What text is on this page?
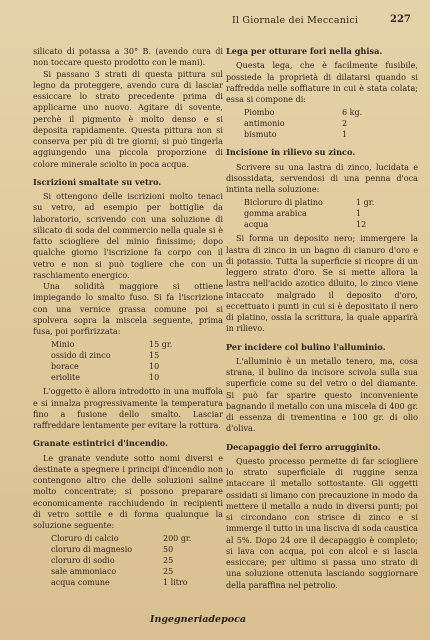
Il Giornale dei Meccanici	227

silicato di potassa a 30° B. (avendo cura di non toccare questo prodotto con le mani).

Si passano 3 strati di questa pittura sul legno da proteggere, avendo cura di lasciar essiccare lo strato precedente prima di applicarne uno nuovo. Agitare di sovente, perchè il pigmento è molto denso e si deposita rapidamente. Questa pittura non si conserva per più di tre giorni; si può tingerla aggiungendo una piccola proporzione di colore minerale sciolto in poca acqua.

Iscrizioni smaltate su vetro.

Si ottengono delle iscrizioni molto tenaci su vetro, ad esempio per bottiglie da laboratorio, scrivendo con una soluzione di silicato di soda del commercio nella quale si è fatto sciogliere del minio finissimo; dopo qualche giorno l'iscrizione fa corpo con il vetro e non si può togliere che con un raschiamento energico.

Una solidità maggiore si ottiene impiegando lo smalto fuso. Si fa l'iscrizione con una vernice grassa comune poi si spolvera sopra la miscela seguente, prima fusa, poi porfirizzata:

Minio	15 gr.
ossido di zinco	15
borace	10
eriolite	10

L'oggetto è allora introdotto in una muffola e si innalza progressivamente la temperatura fino a fusione dello smalto. Lasciar raffreddare lentamente per evitare la rottura.

Granate estintrici d'incendio.

Le granate vendute sotto nomi diversi e destinate a spegnere i principi d'incendio non contengono altro che delle soluzioni saline molto concentrate; si possono preparare economicamente racchiudendo in recipienti di vetro sottile e di forma qualunque la soluzione seguente:

Cloruro di calcio	200 gr.
cloruro di magnesio	50
cloruro di sodio	25
sale ammoniaco	25
acqua comune	1 litro
Lega per otturare fori nella ghisa.

Questa lega, che è facilmente fusibile, possiede la proprietà di dilatarsi quando si raffredda nelle soffiature in cui è stata colata; essa si compone di:

Piombo	6 kg.
antimonio	2
bismuto	1
Incisione in rilievo su zinco.

Scrivere su una lastra di zinco, lucidata e disossidata, servendosi di una penna d'oca intinta nella soluzione:

Bicloruro di platino	1 gr.
gomma arabica	1
acqua	12

Si forma un deposito nero; immergere la lastra di zinco in un bagno di cianuro d'oro e di potassio. Tutta la superficie si ricopre di un leggero strato d'oro. Se si mette allora la lastra nell'acido azotico diluito, lo zinco viene intaccato malgrado il deposito d'oro, eccettuato i punti in cui si è depositato il nero di platino, ossia la scrittura, la quale apparirà in rilievo.

Per incidere col bulino l'alluminio.

L'alluminio è un metallo tenero, ma, cosa strana, il bulino da incisore scivola sulla sua superficie come su del vetro o del diamante. Si può far sparire questo inconveniente bagnando il metallo con una miscela di 400 gr. di essenza di trementina e 100 gr. di olio d'oliva.

Decapaggio del ferro arrugginito.

Questo processo permette di far sciogliere lo strato superficiale di ruggine senza intaccare il metallo sottostante. Gli oggetti ossidati si limano con precauzione in modo da mettere il metallo a nudo in diversi punti; poi si circondano con strisce di zinco e si immerge il tutto in una lisciva di soda caustica al 5%. Dopo 24 ore il decapaggio è completo; si lava con acqua, poi con alcol e si lascia essiccare; per ultimo si passa uno strato di una soluzione ottenuta lasciando soggiornare della paraffina nel petrolio.

Ingegneriadepoca
